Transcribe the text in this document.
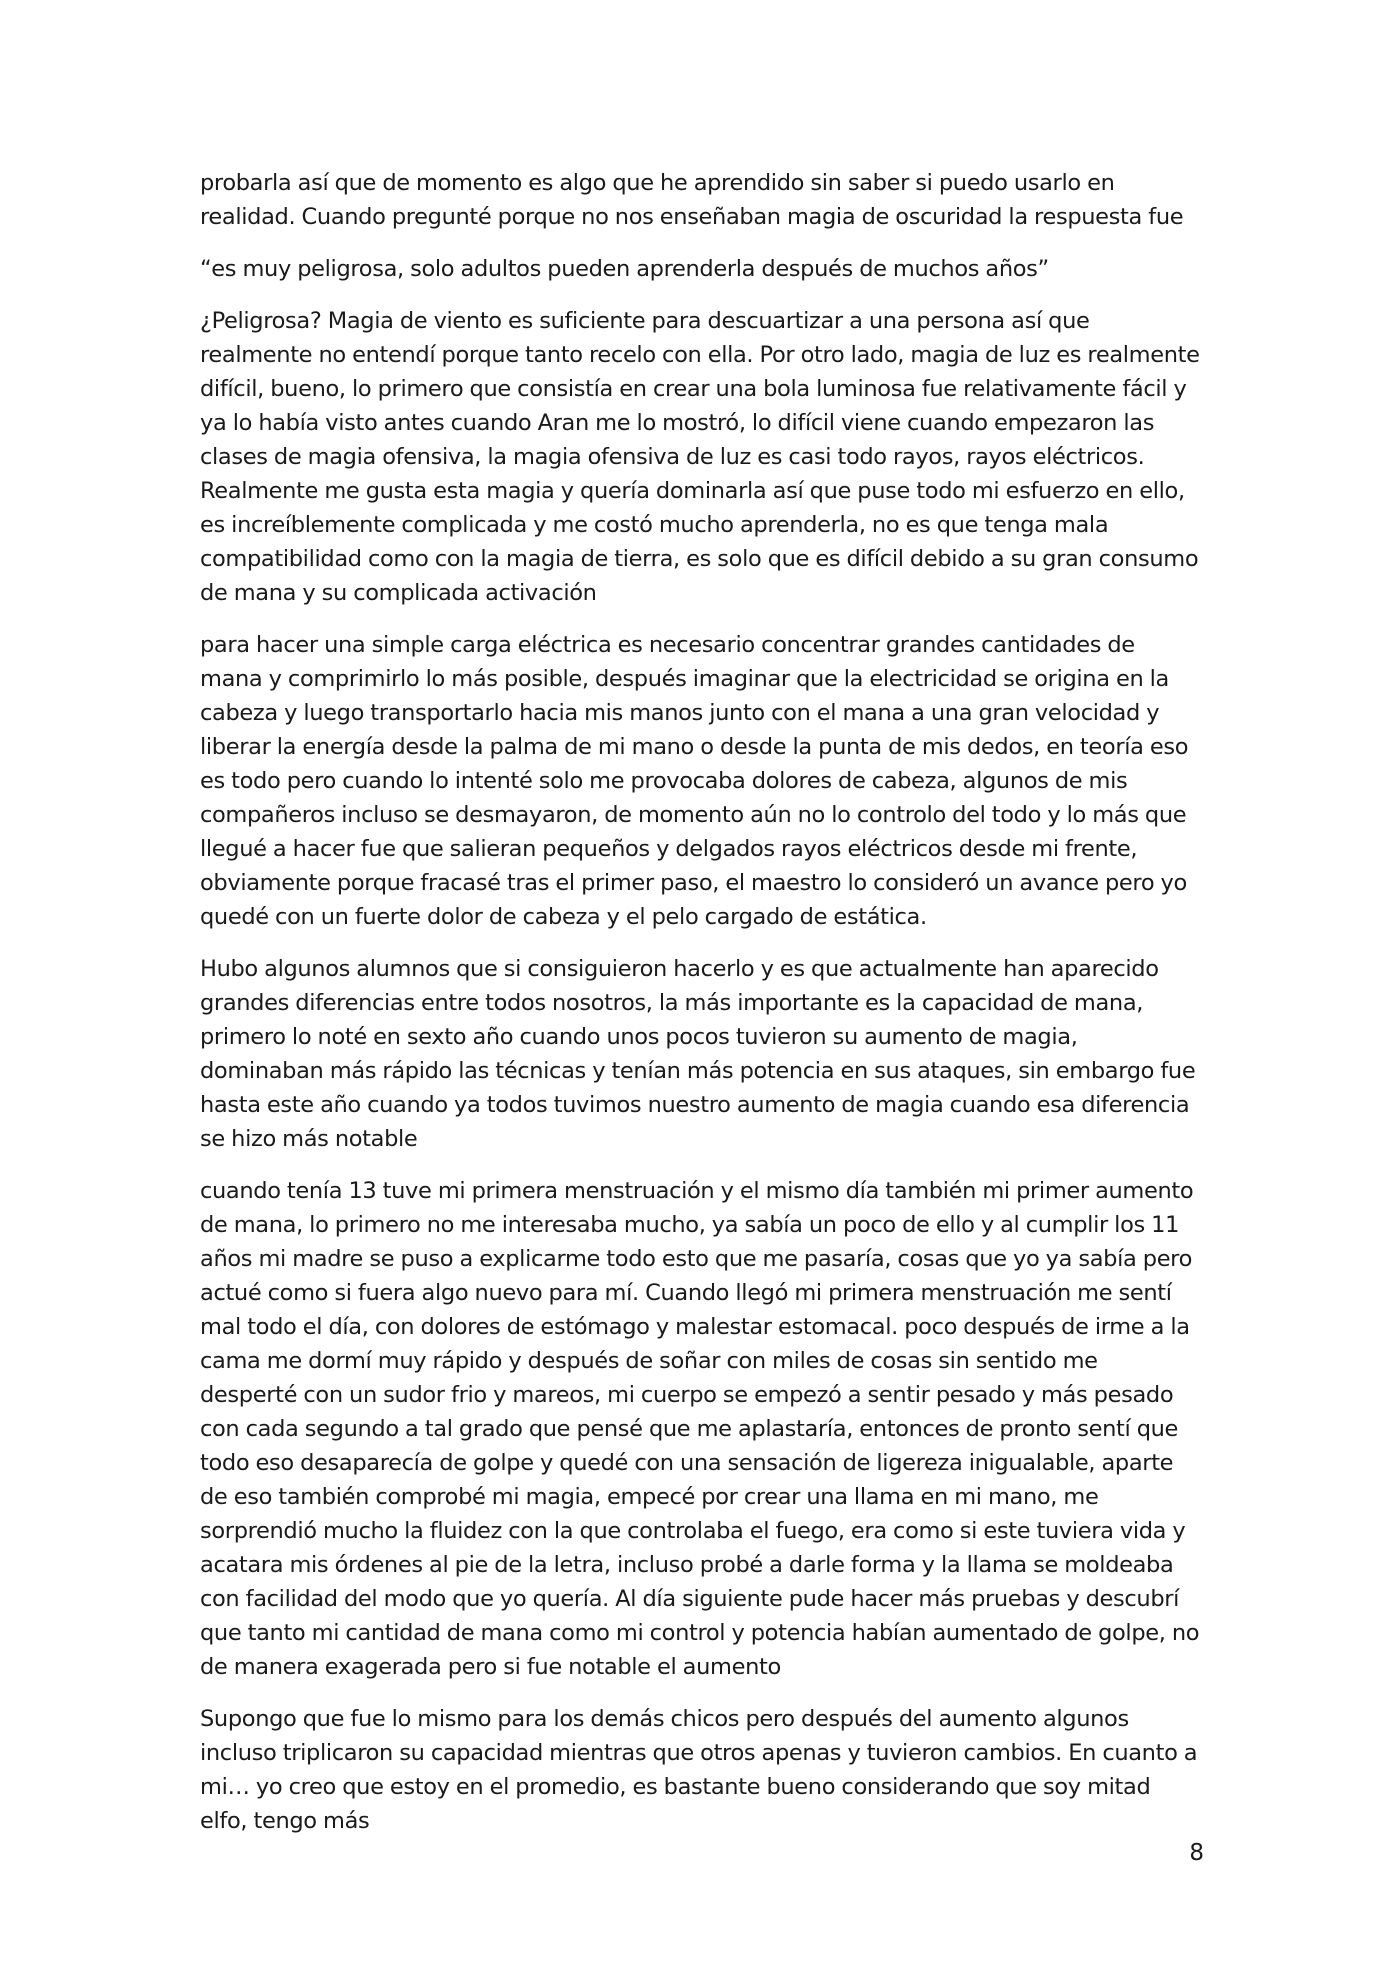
probarla así que de momento es algo que he aprendido sin saber si puedo usarlo en realidad. Cuando pregunté porque no nos enseñaban magia de oscuridad la respuesta fue

“es muy peligrosa, solo adultos pueden aprenderla después de muchos años”

¿Peligrosa? Magia de viento es suficiente para descuartizar a una persona así que realmente no entendí porque tanto recelo con ella. Por otro lado, magia de luz es realmente difícil, bueno, lo primero que consistía en crear una bola luminosa fue relativamente fácil y ya lo había visto antes cuando Aran me lo mostró, lo difícil viene cuando empezaron las clases de magia ofensiva, la magia ofensiva de luz es casi todo rayos, rayos eléctricos. Realmente me gusta esta magia y quería dominarla así que puse todo mi esfuerzo en ello, es increíblemente complicada y me costó mucho aprenderla, no es que tenga mala compatibilidad como con la magia de tierra, es solo que es difícil debido a su gran consumo de mana y su complicada activación

para hacer una simple carga eléctrica es necesario concentrar grandes cantidades de mana y comprimirlo lo más posible, después imaginar que la electricidad se origina en la cabeza y luego transportarlo hacia mis manos junto con el mana a una gran velocidad y liberar la energía desde la palma de mi mano o desde la punta de mis dedos, en teoría eso es todo pero cuando lo intenté solo me provocaba dolores de cabeza, algunos de mis compañeros incluso se desmayaron, de momento aún no lo controlo del todo y lo más que llegué a hacer fue que salieran pequeños y delgados rayos eléctricos desde mi frente, obviamente porque fracasé tras el primer paso, el maestro lo consideró un avance pero yo quedé con un fuerte dolor de cabeza y el pelo cargado de estática.

Hubo algunos alumnos que si consiguieron hacerlo y es que actualmente han aparecido grandes diferencias entre todos nosotros, la más importante es la capacidad de mana, primero lo noté en sexto año cuando unos pocos tuvieron su aumento de magia, dominaban más rápido las técnicas y tenían más potencia en sus ataques, sin embargo fue hasta este año cuando ya todos tuvimos nuestro aumento de magia cuando esa diferencia se hizo más notable

cuando tenía 13 tuve mi primera menstruación y el mismo día también mi primer aumento de mana, lo primero no me interesaba mucho, ya sabía un poco de ello y al cumplir los 11 años mi madre se puso a explicarme todo esto que me pasaría, cosas que yo ya sabía pero actué como si fuera algo nuevo para mí. Cuando llegó mi primera menstruación me sentí mal todo el día, con dolores de estómago y malestar estomacal. poco después de irme a la cama me dormí muy rápido y después de soñar con miles de cosas sin sentido me desperté con un sudor frio y mareos, mi cuerpo se empezó a sentir pesado y más pesado con cada segundo a tal grado que pensé que me aplastaría, entonces de pronto sentí que todo eso desaparecía de golpe y quedé con una sensación de ligereza inigualable, aparte de eso también comprobé mi magia, empecé por crear una llama en mi mano, me sorprendió mucho la fluidez con la que controlaba el fuego, era como si este tuviera vida y acatara mis órdenes al pie de la letra, incluso probé a darle forma y la llama se moldeaba con facilidad del modo que yo quería. Al día siguiente pude hacer más pruebas y descubrí que tanto mi cantidad de mana como mi control y potencia habían aumentado de golpe, no de manera exagerada pero si fue notable el aumento

Supongo que fue lo mismo para los demás chicos pero después del aumento algunos incluso triplicaron su capacidad mientras que otros apenas y tuvieron cambios. En cuanto a mi… yo creo que estoy en el promedio, es bastante bueno considerando que soy mitad elfo, tengo más

8
